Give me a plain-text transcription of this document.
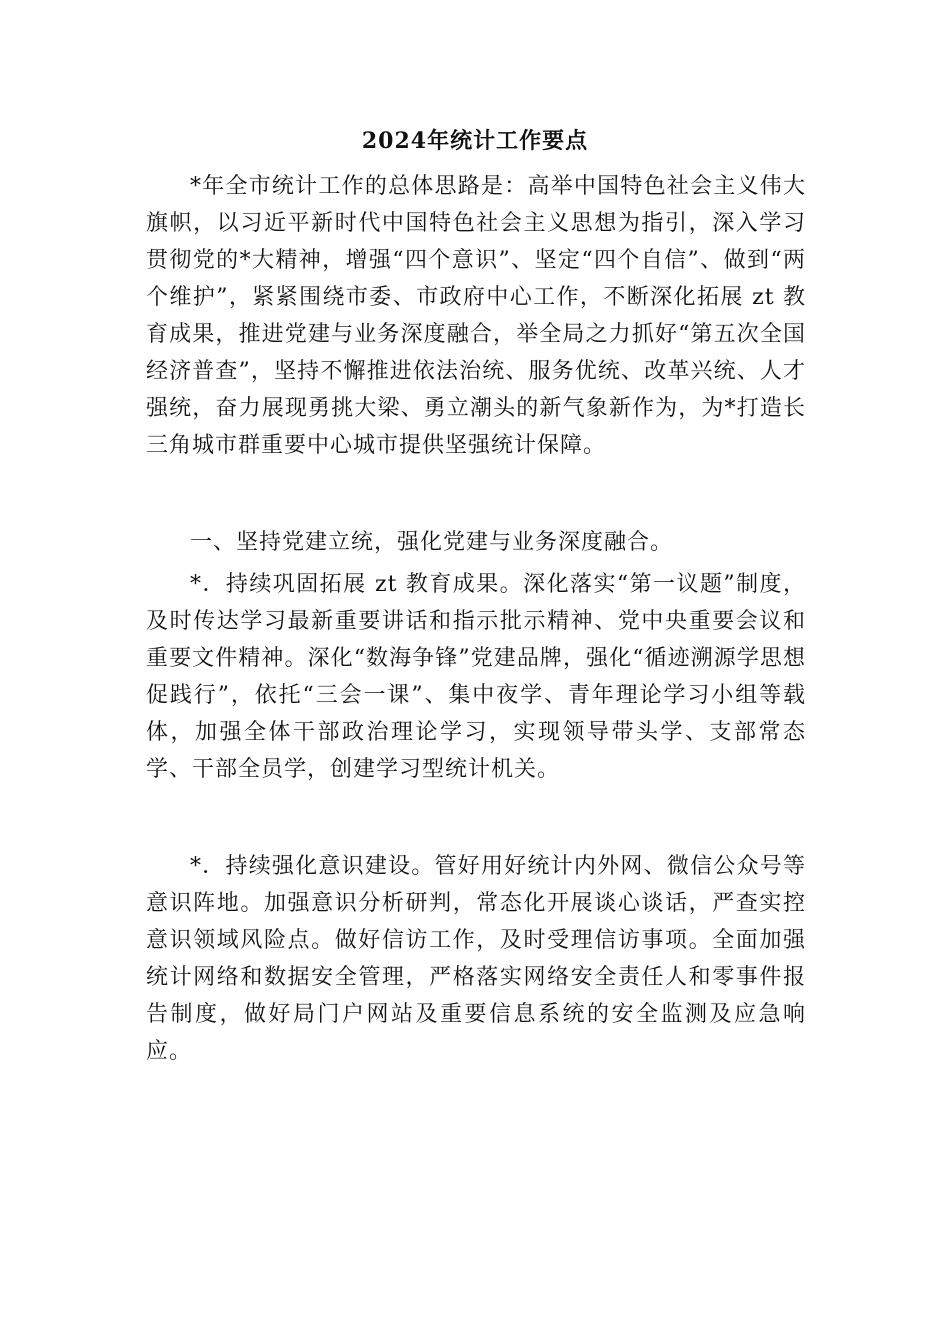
2024年统计工作要点

*年全市统计工作的总体思路是：高举中国特色社会主义伟大旗帜，以习近平新时代中国特色社会主义思想为指引，深入学习贯彻党的*大精神，增强“四个意识”、坚定“四个自信”、做到“两个维护”，紧紧围绕市委、市政府中心工作，不断深化拓展 zt 教育成果，推进党建与业务深度融合，举全局之力抓好“第五次全国经济普查”，坚持不懈推进依法治统、服务优统、改革兴统、人才强统，奋力展现勇挑大梁、勇立潮头的新气象新作为，为*打造长三角城市群重要中心城市提供坚强统计保障。

一、坚持党建立统，强化党建与业务深度融合。

*．持续巩固拓展 zt 教育成果。深化落实“第一议题”制度，及时传达学习最新重要讲话和指示批示精神、党中央重要会议和重要文件精神。深化“数海争锋”党建品牌，强化“循迹溯源学思想促践行”，依托“三会一课”、集中夜学、青年理论学习小组等载体，加强全体干部政治理论学习，实现领导带头学、支部常态学、干部全员学，创建学习型统计机关。

*．持续强化意识建设。管好用好统计内外网、微信公众号等意识阵地。加强意识分析研判，常态化开展谈心谈话，严查实控意识领域风险点。做好信访工作，及时受理信访事项。全面加强统计网络和数据安全管理，严格落实网络安全责任人和零事件报告制度，做好局门户网站及重要信息系统的安全监测及应急响应。
